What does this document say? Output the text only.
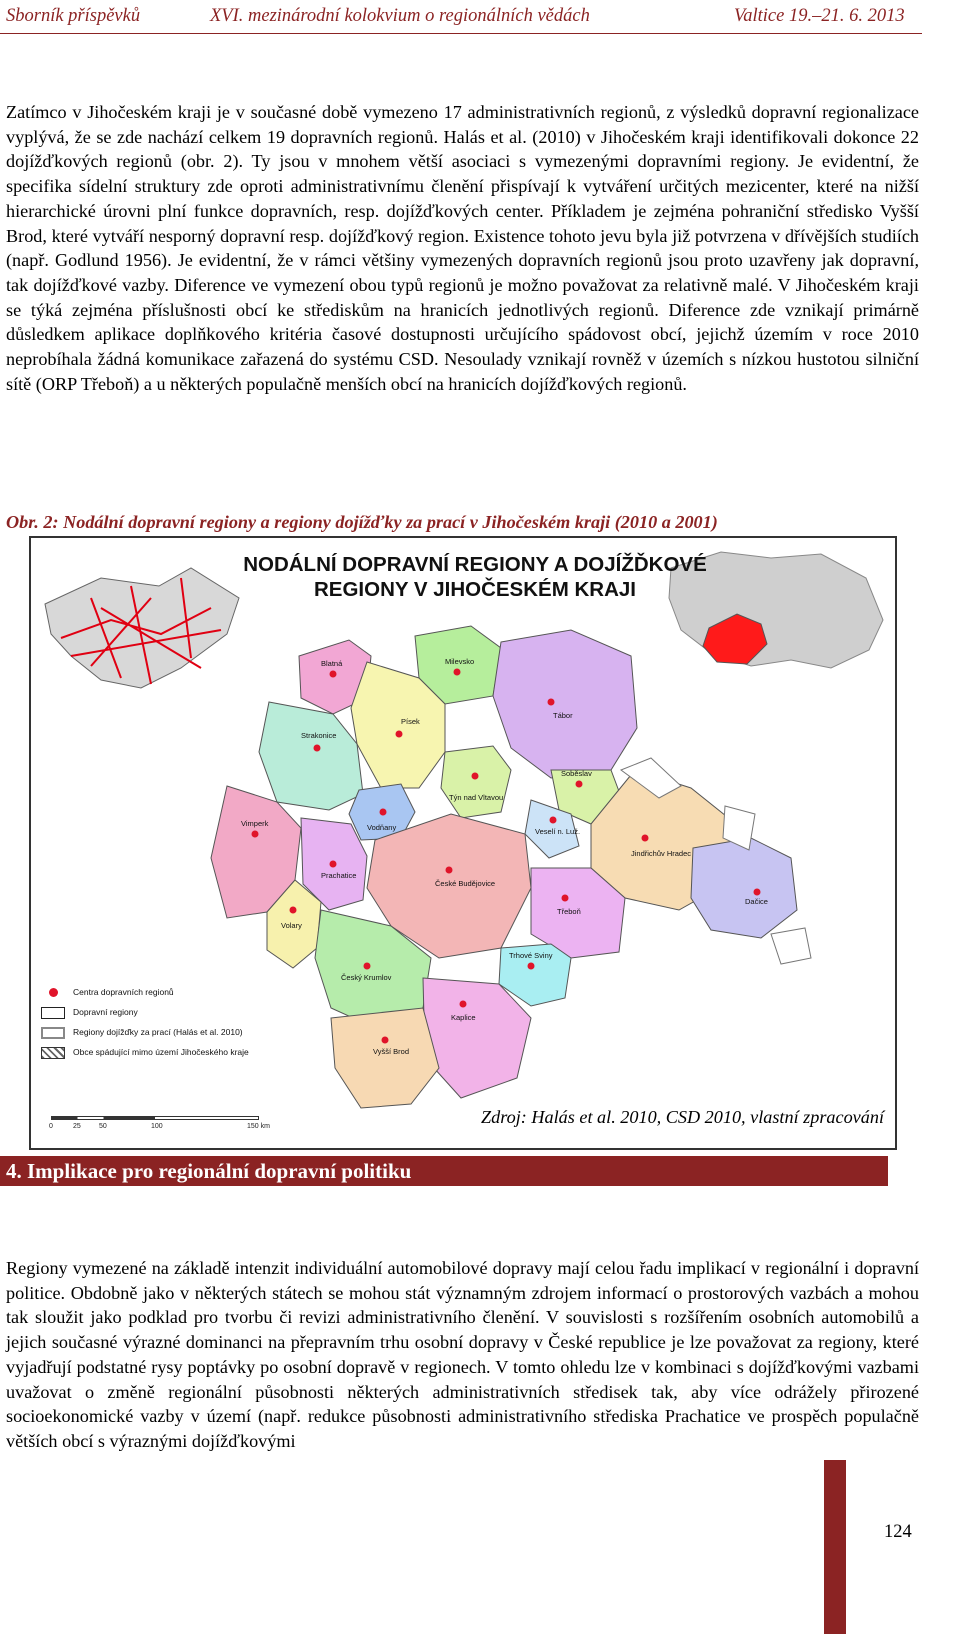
Sborník příspěvků	XVI. mezinárodní kolokvium o regionálních vědách	Valtice 19.–21. 6. 2013

Zatímco v Jihočeském kraji je v současné době vymezeno 17 administrativních regionů, z výsledků dopravní regionalizace vyplývá, že se zde nachází celkem 19 dopravních regionů. Halás et al. (2010) v Jihočeském kraji identifikovali dokonce 22 dojížďkových regionů (obr. 2). Ty jsou v mnohem větší asociaci s vymezenými dopravními regiony. Je evidentní, že specifika sídelní struktury zde oproti administrativnímu členění přispívají k vytváření určitých mezicenter, které na nižší hierarchické úrovni plní funkce dopravních, resp. dojížďkových center. Příkladem je zejména pohraniční středisko Vyšší Brod, které vytváří nesporný dopravní resp. dojížďkový region. Existence tohoto jevu byla již potvrzena v dřívějších studiích (např. Godlund 1956). Je evidentní, že v rámci většiny vymezených dopravních regionů jsou proto uzavřeny jak dopravní, tak dojížďkové vazby. Diference ve vymezení obou typů regionů je možno považovat za relativně malé. V Jihočeském kraji se týká zejména příslušnosti obcí ke střediskům na hranicích jednotlivých regionů. Diference zde vznikají primárně důsledkem aplikace doplňkového kritéria časové dostupnosti určujícího spádovost obcí, jejichž územím v roce 2010 neprobíhala žádná komunikace zařazená do systému CSD. Nesoulady vznikají rovněž v územích s nízkou hustotou silniční sítě (ORP Třeboň) a u některých populačně menších obcí na hranicích dojížďkových regionů.

Obr. 2: Nodální dopravní regiony a regiony dojížďky za prací v Jihočeském kraji (2010 a 2001)
Blatná	Milevsko
Tábor
Písek
Strakonice
Soběslav
Týn nad Vltavou
Veselí n. Luž.
Vodňany
Vimperk
Prachatice
Jindřichův Hradec
České Budějovice
Volary
Třeboň
Dačice
Český Krumlov
Trhové Sviny
Kaplice
Vyšší Brod
NODÁLNÍ DOPRAVNÍ REGIONY A DOJÍŽĎKOVÉ
REGIONY V JIHOČESKÉM KRAJI
Centra dopravních regionů
Dopravní regiony
Regiony dojížďky za prací (Halás et al. 2010)
Obce spádující mimo území Jihočeského kraje
0	25	50	100	150 km	Zdroj: Halás et al. 2010, CSD 2010, vlastní zpracování
4. Implikace pro regionální dopravní politiku

Regiony vymezené na základě intenzit individuální automobilové dopravy mají celou řadu implikací v regionální i dopravní politice. Obdobně jako v některých státech se mohou stát významným zdrojem informací o prostorových vazbách a mohou tak sloužit jako podklad pro tvorbu či revizi administrativního členění. V souvislosti s rozšířením osobních automobilů a jejich současné výrazné dominanci na přepravním trhu osobní dopravy v České republice je lze považovat za regiony, které vyjadřují podstatné rysy poptávky po osobní dopravě v regionech. V tomto ohledu lze v kombinaci s dojížďkovými vazbami uvažovat o změně regionální působnosti některých administrativních středisek tak, aby více odrážely přirozené socioekonomické vazby v území (např. redukce působnosti administrativního střediska Prachatice ve prospěch populačně větších obcí s výraznými dojížďkovými

124
